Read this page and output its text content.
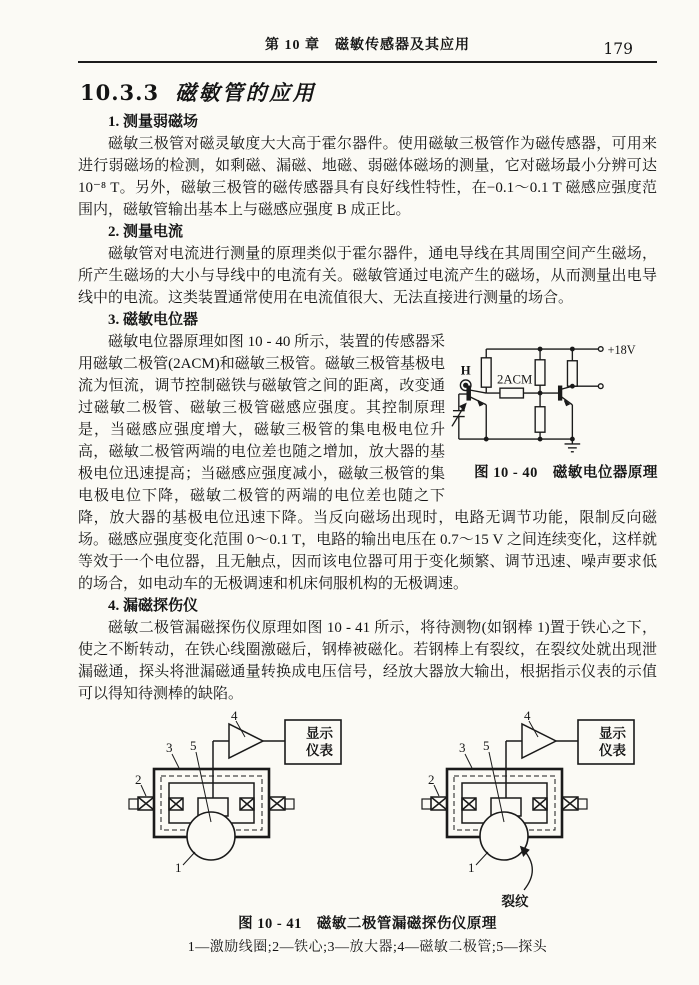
第 10 章　磁敏传感器及其应用	179
10.3.3 磁敏管的应用
1. 测量弱磁场

磁敏三极管对磁灵敏度大大高于霍尔器件。使用磁敏三极管作为磁传感器，可用来进行弱磁场的检测，如剩磁、漏磁、地磁、弱磁体磁场的测量，它对磁场最小分辨可达 10⁻⁸ T。另外，磁敏三极管的磁传感器具有良好线性特性，在−0.1～0.1 T 磁感应强度范围内，磁敏管输出基本上与磁感应强度 B 成正比。

2. 测量电流

磁敏管对电流进行测量的原理类似于霍尔器件，通电导线在其周围空间产生磁场，所产生磁场的大小与导线中的电流有关。磁敏管通过电流产生的磁场，从而测量出电导线中的电流。这类装置通常使用在电流值很大、无法直接进行测量的场合。

3. 磁敏电位器
+18V
H
2ACM
图 10 - 40　磁敏电位器原理

磁敏电位器原理如图 10 - 40 所示，装置的传感器采用磁敏二极管(2ACM)和磁敏三极管。磁敏三极管基极电流为恒流，调节控制磁铁与磁敏管之间的距离，改变通过磁敏二极管、磁敏三极管磁感应强度。其控制原理是，当磁感应强度增大，磁敏三极管的集电极电位升高，磁敏二极管两端的电位差也随之增加，放大器的基极电位迅速提高；当磁感应强度减小，磁敏三极管的集电极电位下降，磁敏二极管的两端的电位差也随之下降，放大器的基极电位迅速下降。当反向磁场出现时，电路无调节功能，限制反向磁场。磁感应强度变化范围 0～0.1 T，电路的输出电压在 0.7～15 V 之间连续变化，这样就等效于一个电位器，且无触点，因而该电位器可用于变化频繁、调节迅速、噪声要求低的场合，如电动车的无极调速和机床伺服机构的无极调速。

4. 漏磁探伤仪

磁敏二极管漏磁探伤仪原理如图 10 - 41 所示，将待测物(如钢棒 1)置于铁心之下，使之不断转动，在铁心线圈激磁后，钢棒被磁化。若钢棒上有裂纹，在裂纹处就出现泄漏磁通，探头将泄漏磁通量转换成电压信号，经放大器放大输出，根据指示仪表的示值可以得知待测棒的缺陷。

4
显示
仪表
2
3 5
1
4
显示
仪表
2
3 5
1
裂纹
图 10 - 41　磁敏二极管漏磁探伤仪原理
1—激励线圈;2—铁心;3—放大器;4—磁敏二极管;5—探头
